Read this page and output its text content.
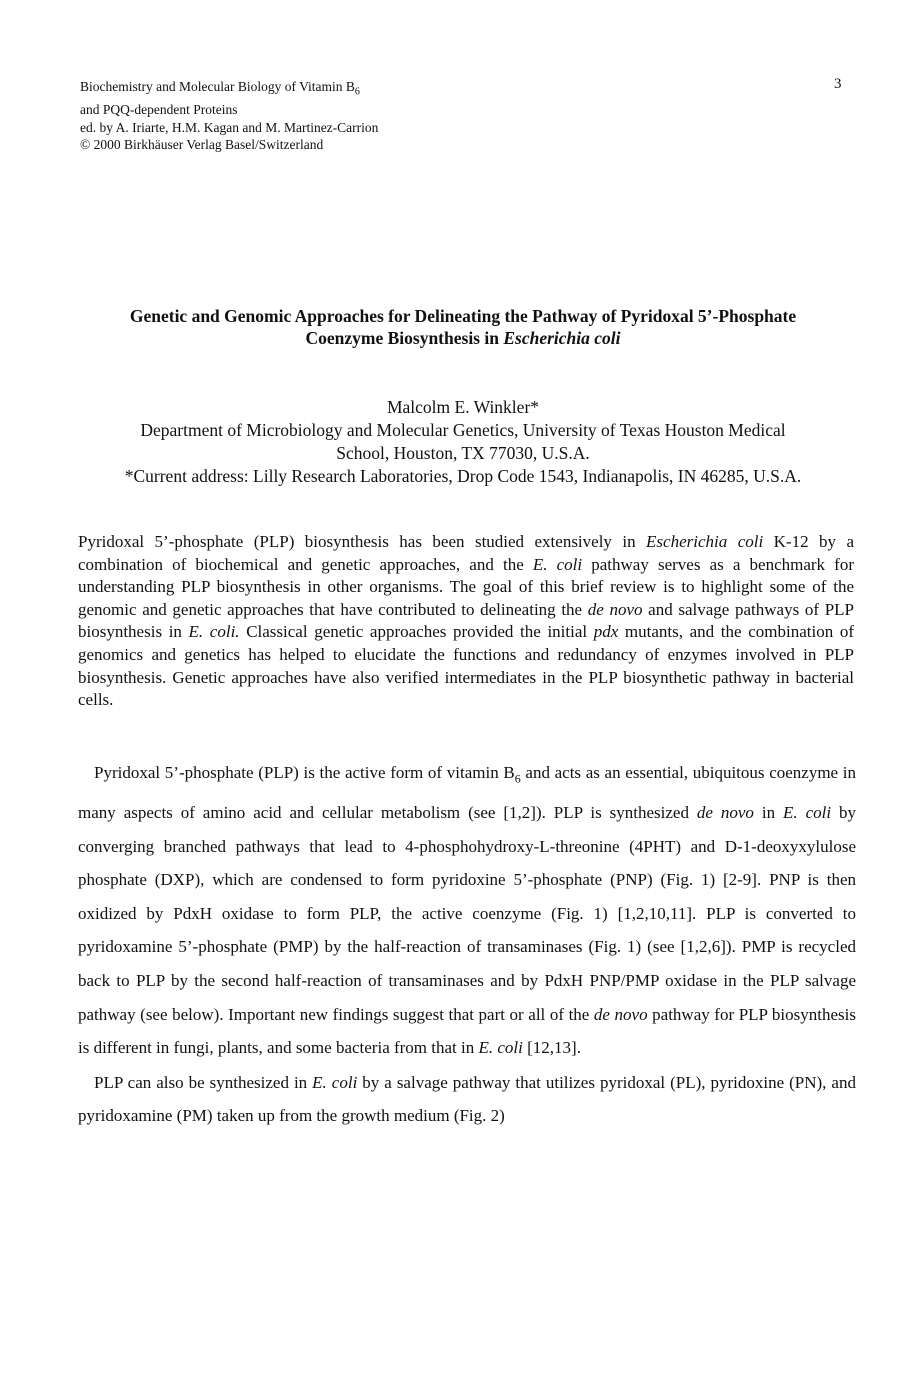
Biochemistry and Molecular Biology of Vitamin $B_6$
and PQQ-dependent Proteins
ed. by A. Iriarte, H.M. Kagan and M. Martinez-Carrion
© 2000 Birkhäuser Verlag Basel/Switzerland
3
Genetic and Genomic Approaches for Delineating the Pathway of Pyridoxal 5’-Phosphate
Coenzyme Biosynthesis in Escherichia coli
Malcolm E. Winkler*
Department of Microbiology and Molecular Genetics, University of Texas Houston Medical
School, Houston, TX 77030, U.S.A.
*Current address: Lilly Research Laboratories, Drop Code 1543, Indianapolis, IN 46285, U.S.A.
Pyridoxal 5’-phosphate (PLP) biosynthesis has been studied extensively in Escherichia coli K-12 by a combination of biochemical and genetic approaches, and the E. coli pathway serves as a benchmark for understanding PLP biosynthesis in other organisms. The goal of this brief review is to highlight some of the genomic and genetic approaches that have contributed to delineating the de novo and salvage pathways of PLP biosynthesis in E. coli. Classical genetic approaches provided the initial pdx mutants, and the combination of genomics and genetics has helped to elucidate the functions and redundancy of enzymes involved in PLP biosynthesis. Genetic approaches have also verified intermediates in the PLP biosynthetic pathway in bacterial cells.

Pyridoxal 5’-phosphate (PLP) is the active form of vitamin $B_6$ and acts as an essential, ubiquitous coenzyme in many aspects of amino acid and cellular metabolism (see [1,2]). PLP is synthesized de novo in E. coli by converging branched pathways that lead to 4-phosphohydroxy-L-threonine (4PHT) and D-1-deoxyxylulose phosphate (DXP), which are condensed to form pyridoxine 5’-phosphate (PNP) (Fig. 1) [2-9]. PNP is then oxidized by PdxH oxidase to form PLP, the active coenzyme (Fig. 1) [1,2,10,11]. PLP is converted to pyridoxamine 5’-phosphate (PMP) by the half-reaction of transaminases (Fig. 1) (see [1,2,6]). PMP is recycled back to PLP by the second half-reaction of transaminases and by PdxH PNP/PMP oxidase in the PLP salvage pathway (see below). Important new findings suggest that part or all of the de novo pathway for PLP biosynthesis is different in fungi, plants, and some bacteria from that in E. coli [12,13].

PLP can also be synthesized in E. coli by a salvage pathway that utilizes pyridoxal (PL), pyridoxine (PN), and pyridoxamine (PM) taken up from the growth medium (Fig. 2)
